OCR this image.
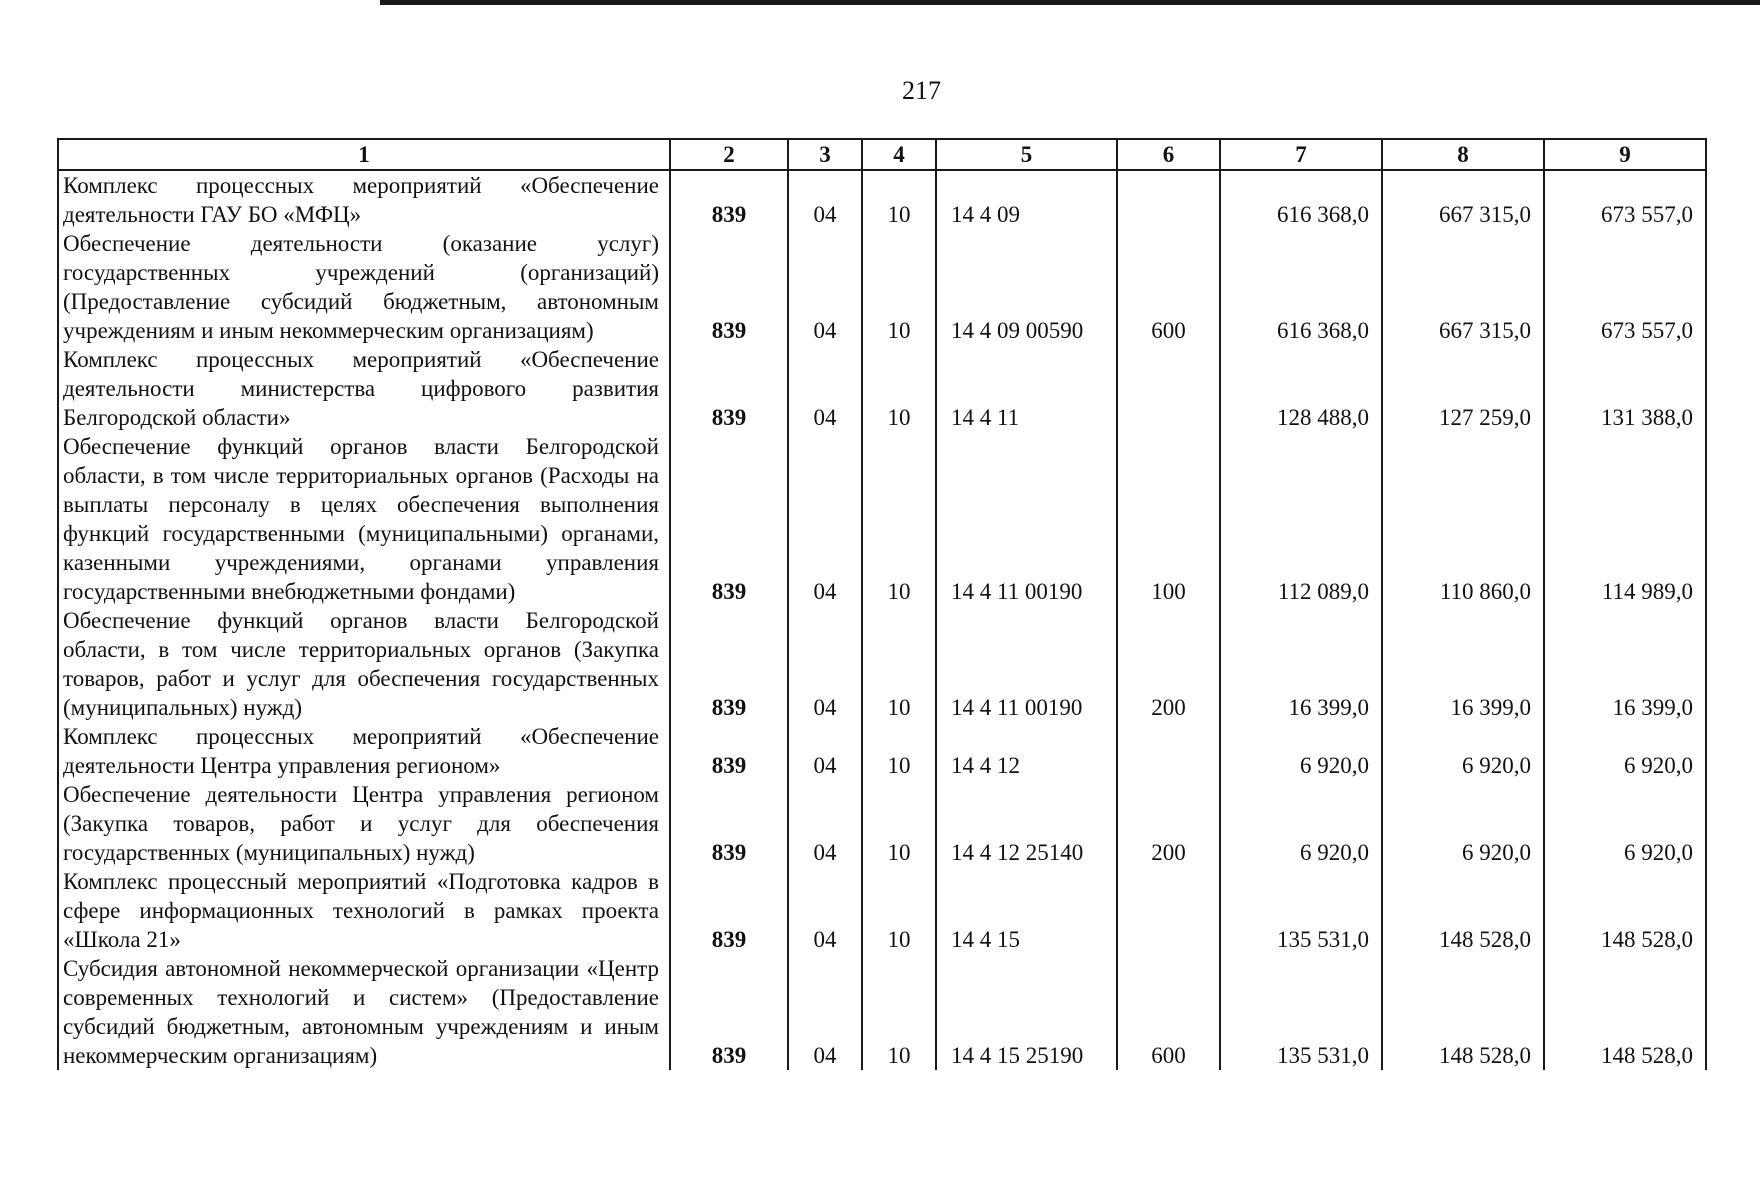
217
1	2	3	4	5	6	7	8	9
Комплекс процессных мероприятий «Обеспечение деятельности ГАУ БО «МФЦ»	839	04	10	14 4 09		616 368,0	667 315,0	673 557,0
Обеспечение деятельности (оказание услуг) государственных учреждений (организаций) (Предоставление субсидий бюджетным, автономным учреждениям и иным некоммерческим организациям)	839	04	10	14 4 09 00590	600	616 368,0	667 315,0	673 557,0
Комплекс процессных мероприятий «Обеспечение деятельности министерства цифрового развития Белгородской области»	839	04	10	14 4 11		128 488,0	127 259,0	131 388,0
Обеспечение функций органов власти Белгородской области, в том числе территориальных органов (Расходы на выплаты персоналу в целях обеспечения выполнения функций государственными (муниципальными) органами, казенными учреждениями, органами управления государственными внебюджетными фондами)	839	04	10	14 4 11 00190	100	112 089,0	110 860,0	114 989,0
Обеспечение функций органов власти Белгородской области, в том числе территориальных органов (Закупка товаров, работ и услуг для обеспечения государственных (муниципальных) нужд)	839	04	10	14 4 11 00190	200	16 399,0	16 399,0	16 399,0
Комплекс процессных мероприятий «Обеспечение деятельности Центра управления регионом»	839	04	10	14 4 12		6 920,0	6 920,0	6 920,0
Обеспечение деятельности Центра управления регионом (Закупка товаров, работ и услуг для обеспечения государственных (муниципальных) нужд)	839	04	10	14 4 12 25140	200	6 920,0	6 920,0	6 920,0
Комплекс процессный мероприятий «Подготовка кадров в сфере информационных технологий в рамках проекта «Школа 21»	839	04	10	14 4 15		135 531,0	148 528,0	148 528,0
Субсидия автономной некоммерческой организации «Центр современных технологий и систем» (Предоставление субсидий бюджетным, автономным учреждениям и иным некоммерческим организациям)	839	04	10	14 4 15 25190	600	135 531,0	148 528,0	148 528,0
